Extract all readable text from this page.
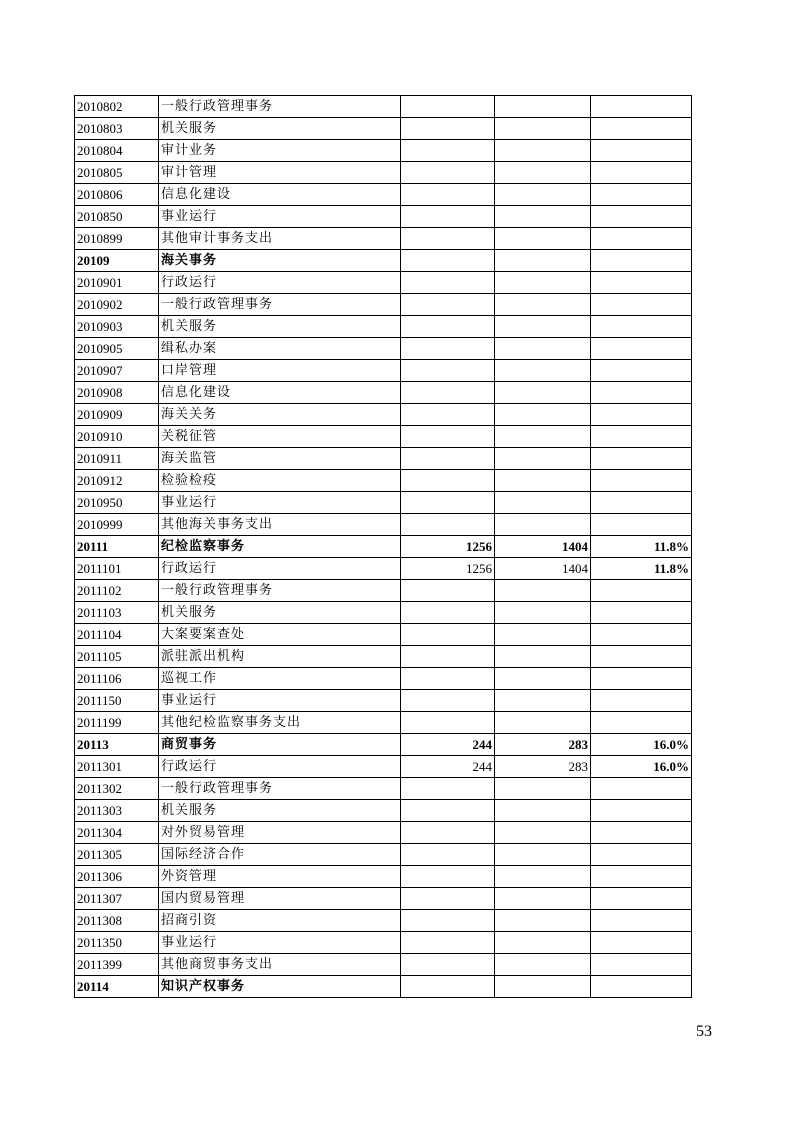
2010802	一般行政管理事务			
2010803	机关服务			
2010804	审计业务			
2010805	审计管理			
2010806	信息化建设			
2010850	事业运行			
2010899	其他审计事务支出			
20109	海关事务			
2010901	行政运行			
2010902	一般行政管理事务			
2010903	机关服务			
2010905	缉私办案			
2010907	口岸管理			
2010908	信息化建设			
2010909	海关关务			
2010910	关税征管			
2010911	海关监管			
2010912	检验检疫			
2010950	事业运行			
2010999	其他海关事务支出			
20111	纪检监察事务	1256	1404	11.8%
2011101	行政运行	1256	1404	11.8%
2011102	一般行政管理事务			
2011103	机关服务			
2011104	大案要案查处			
2011105	派驻派出机构			
2011106	巡视工作			
2011150	事业运行			
2011199	其他纪检监察事务支出			
20113	商贸事务	244	283	16.0%
2011301	行政运行	244	283	16.0%
2011302	一般行政管理事务			
2011303	机关服务			
2011304	对外贸易管理			
2011305	国际经济合作			
2011306	外资管理			
2011307	国内贸易管理			
2011308	招商引资			
2011350	事业运行			
2011399	其他商贸事务支出			
20114	知识产权事务			
53
